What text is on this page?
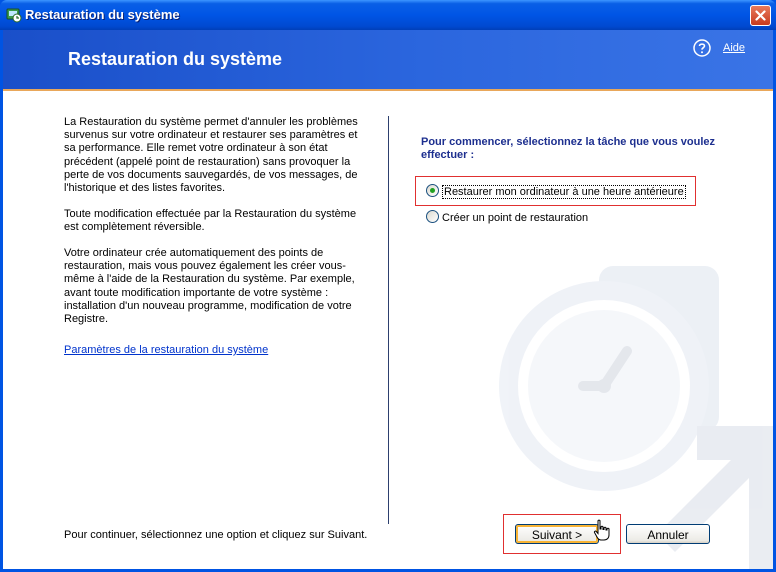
Restauration du système
Restauration du système
Aide
La Restauration du système permet d'annuler les problèmes survenus sur votre ordinateur et restaurer ses paramètres et sa performance. Elle remet votre ordinateur à son état précédent (appelé point de restauration) sans provoquer la perte de vos documents sauvegardés, de vos messages, de l'historique et des listes favorites.
Toute modification effectuée par la Restauration du système est complètement réversible.
Votre ordinateur crée automatiquement des points de restauration, mais vous pouvez également les créer vous-même à l'aide de la Restauration du système. Par exemple, avant toute modification importante de votre système : installation d'un nouveau programme, modification de votre Registre.
Paramètres de la restauration du système
Pour commencer, sélectionnez la tâche que vous voulez effectuer :
Restaurer mon ordinateur à une heure antérieure
Créer un point de restauration
Pour continuer, sélectionnez une option et cliquez sur Suivant.	Suivant >	Annuler
